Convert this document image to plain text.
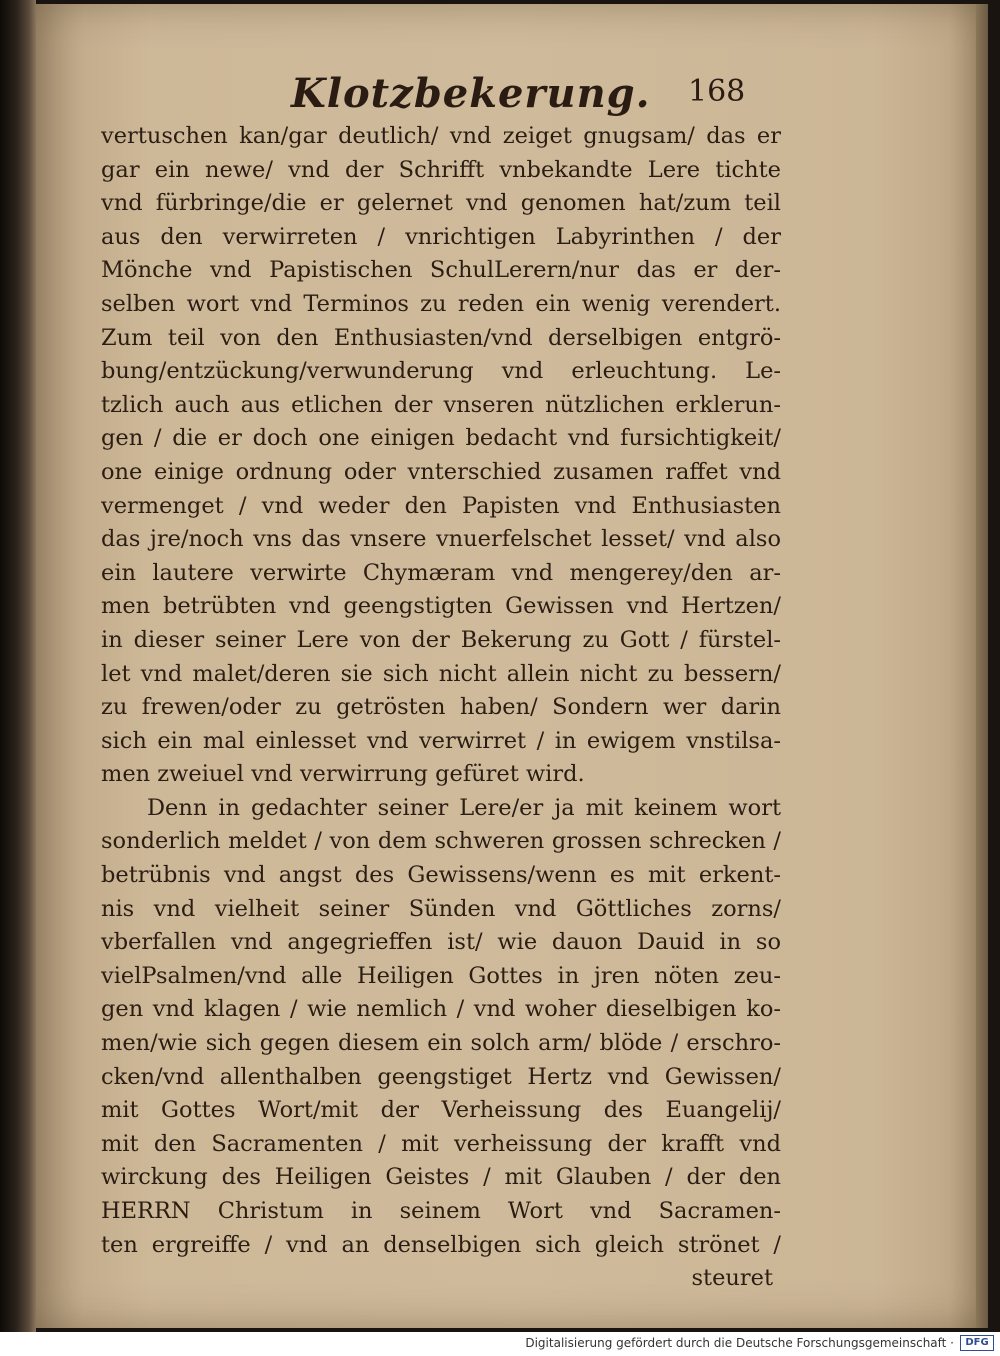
Klotzbekerung. 168
vertuschen kan/gar deutlich/ vnd zeiget gnugsam/ das er
gar ein newe/ vnd der Schrifft vnbekandte Lere tichte
vnd fürbringe/die er gelernet vnd genomen hat/zum teil
aus den verwirreten / vnrichtigen Labyrinthen / der
Mönche vnd Papistischen SchulLerern/nur das er der-
selben wort vnd Terminos zu reden ein wenig verendert.
Zum teil von den Enthusiasten/vnd derselbigen entgrö-
bung/entzückung/verwunderung vnd erleuchtung. Le-
tzlich auch aus etlichen der vnseren nützlichen erklerun-
gen / die er doch one einigen bedacht vnd fursichtigkeit/
one einige ordnung oder vnterschied zusamen raffet vnd
vermenget / vnd weder den Papisten vnd Enthusiasten
das jre/noch vns das vnsere vnuerfelschet lesset/ vnd also
ein lautere verwirte Chymæram vnd mengerey/den ar-
men betrübten vnd geengstigten Gewissen vnd Hertzen/
in dieser seiner Lere von der Bekerung zu Gott / fürstel-
let vnd malet/deren sie sich nicht allein nicht zu bessern/
zu frewen/oder zu getrösten haben/ Sondern wer darin
sich ein mal einlesset vnd verwirret / in ewigem vnstilsa-
men zweiuel vnd verwirrung gefüret wird.
Denn in gedachter seiner Lere/er ja mit keinem wort
sonderlich meldet / von dem schweren grossen schrecken /
betrübnis vnd angst des Gewissens/wenn es mit erkent-
nis vnd vielheit seiner Sünden vnd Göttliches zorns/
vberfallen vnd angegrieffen ist/ wie dauon Dauid in so
vielPsalmen/vnd alle Heiligen Gottes in jren nöten zeu-
gen vnd klagen / wie nemlich / vnd woher dieselbigen ko-
men/wie sich gegen diesem ein solch arm/ blöde / erschro-
cken/vnd allenthalben geengstiget Hertz vnd Gewissen/
mit Gottes Wort/mit der Verheissung des Euangelij/
mit den Sacramenten / mit verheissung der krafft vnd
wirckung des Heiligen Geistes / mit Glauben / der den
HERRN Christum in seinem Wort vnd Sacramen-
ten ergreiffe / vnd an denselbigen sich gleich strönet /
steuret
Digitalisierung gefördert durch die Deutsche Forschungsgemeinschaft ·	DFG
